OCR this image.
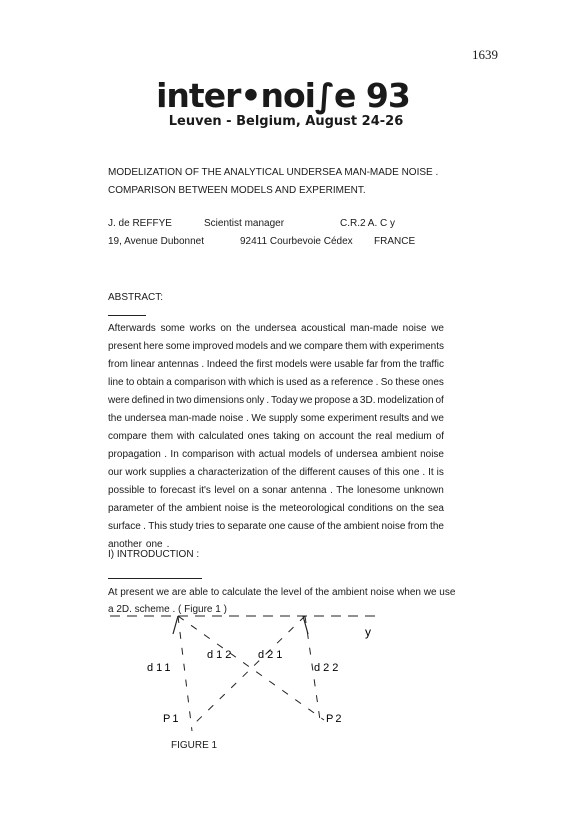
1639
inter•noi∫e 93
Leuven - Belgium, August 24-26
MODELIZATION OF THE ANALYTICAL UNDERSEA MAN-MADE NOISE .
COMPARISON BETWEEN MODELS AND EXPERIMENT.
J. de REFFYE	Scientist manager	C.R.2 A. C y
19, Avenue Dubonnet	92411 Courbevoie Cédex FRANCE
ABSTRACT:
Afterwards some works on the undersea acoustical man-made noise we
present here some improved models and we compare them with experiments
from linear antennas . Indeed the first models were usable far from the traffic
line to obtain a comparison with which is used as a reference . So these ones
were defined in two dimensions only . Today we propose a 3D. modelization of
the undersea man-made noise . We supply some experiment results and we
compare them with calculated ones taking on account the real medium of
propagation . In comparison with actual models of undersea ambient noise
our work supplies a characterization of the different causes of this one . It is
possible to forecast it's level on a sonar antenna . The lonesome unknown
parameter of the ambient noise is the meteorological conditions on the sea
surface . This study tries to separate one cause of the ambient noise from the
another one .
I) INTRODUCTION :
At present we are able to calculate the level of the ambient noise when we use
a 2D. scheme . ( Figure 1 )
d11
d12 d21
d22
y
P1	P2
FIGURE 1
